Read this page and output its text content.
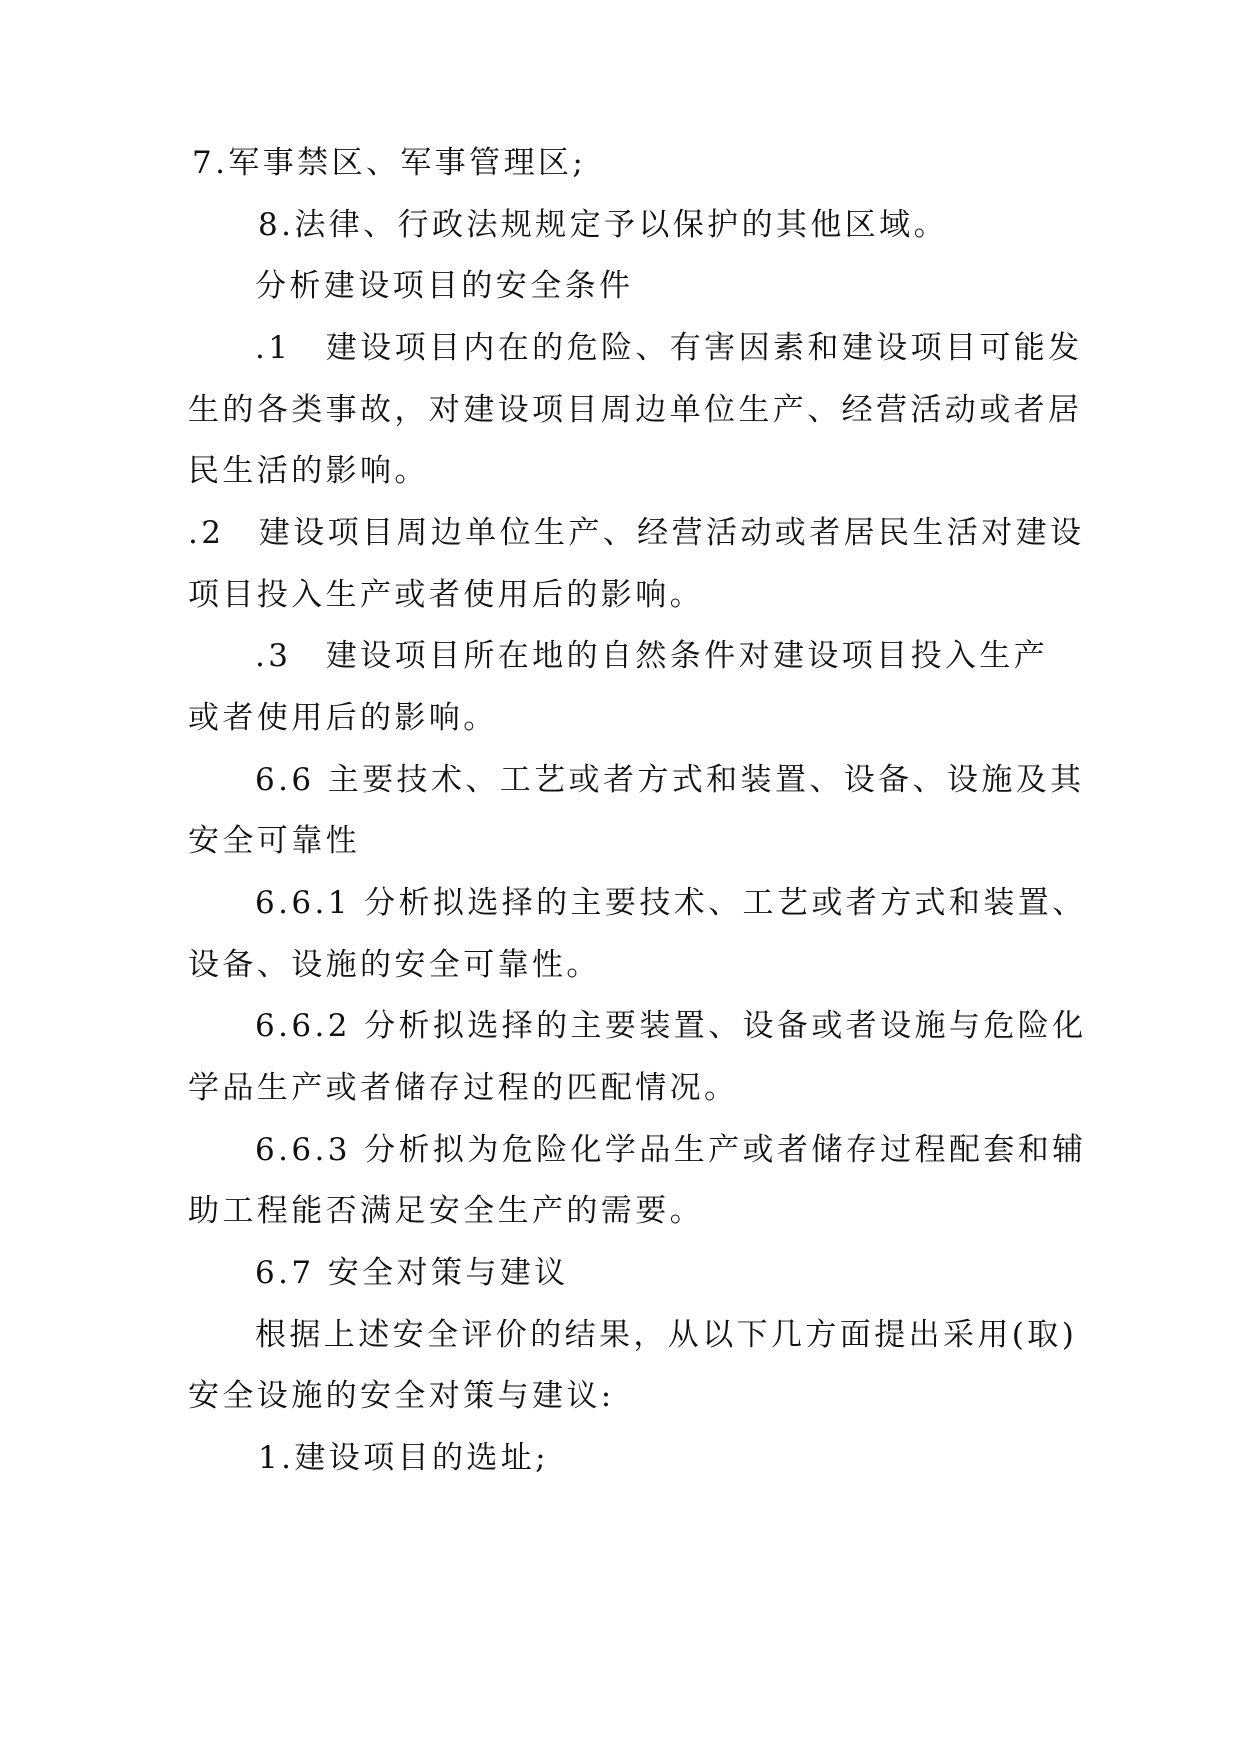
7.军事禁区、军事管理区;
8.法律、行政法规规定予以保护的其他区域。
分析建设项目的安全条件
.1　建设项目内在的危险、有害因素和建设项目可能发
生的各类事故，对建设项目周边单位生产、经营活动或者居
民生活的影响。
.2　建设项目周边单位生产、经营活动或者居民生活对建设
项目投入生产或者使用后的影响。
.3　建设项目所在地的自然条件对建设项目投入生产
或者使用后的影响。
6.6 主要技术、工艺或者方式和装置、设备、设施及其
安全可靠性
6.6.1 分析拟选择的主要技术、工艺或者方式和装置、
设备、设施的安全可靠性。
6.6.2 分析拟选择的主要装置、设备或者设施与危险化
学品生产或者储存过程的匹配情况。
6.6.3 分析拟为危险化学品生产或者储存过程配套和辅
助工程能否满足安全生产的需要。
6.7 安全对策与建议
根据上述安全评价的结果，从以下几方面提出采用(取)
安全设施的安全对策与建议:
1.建设项目的选址;
